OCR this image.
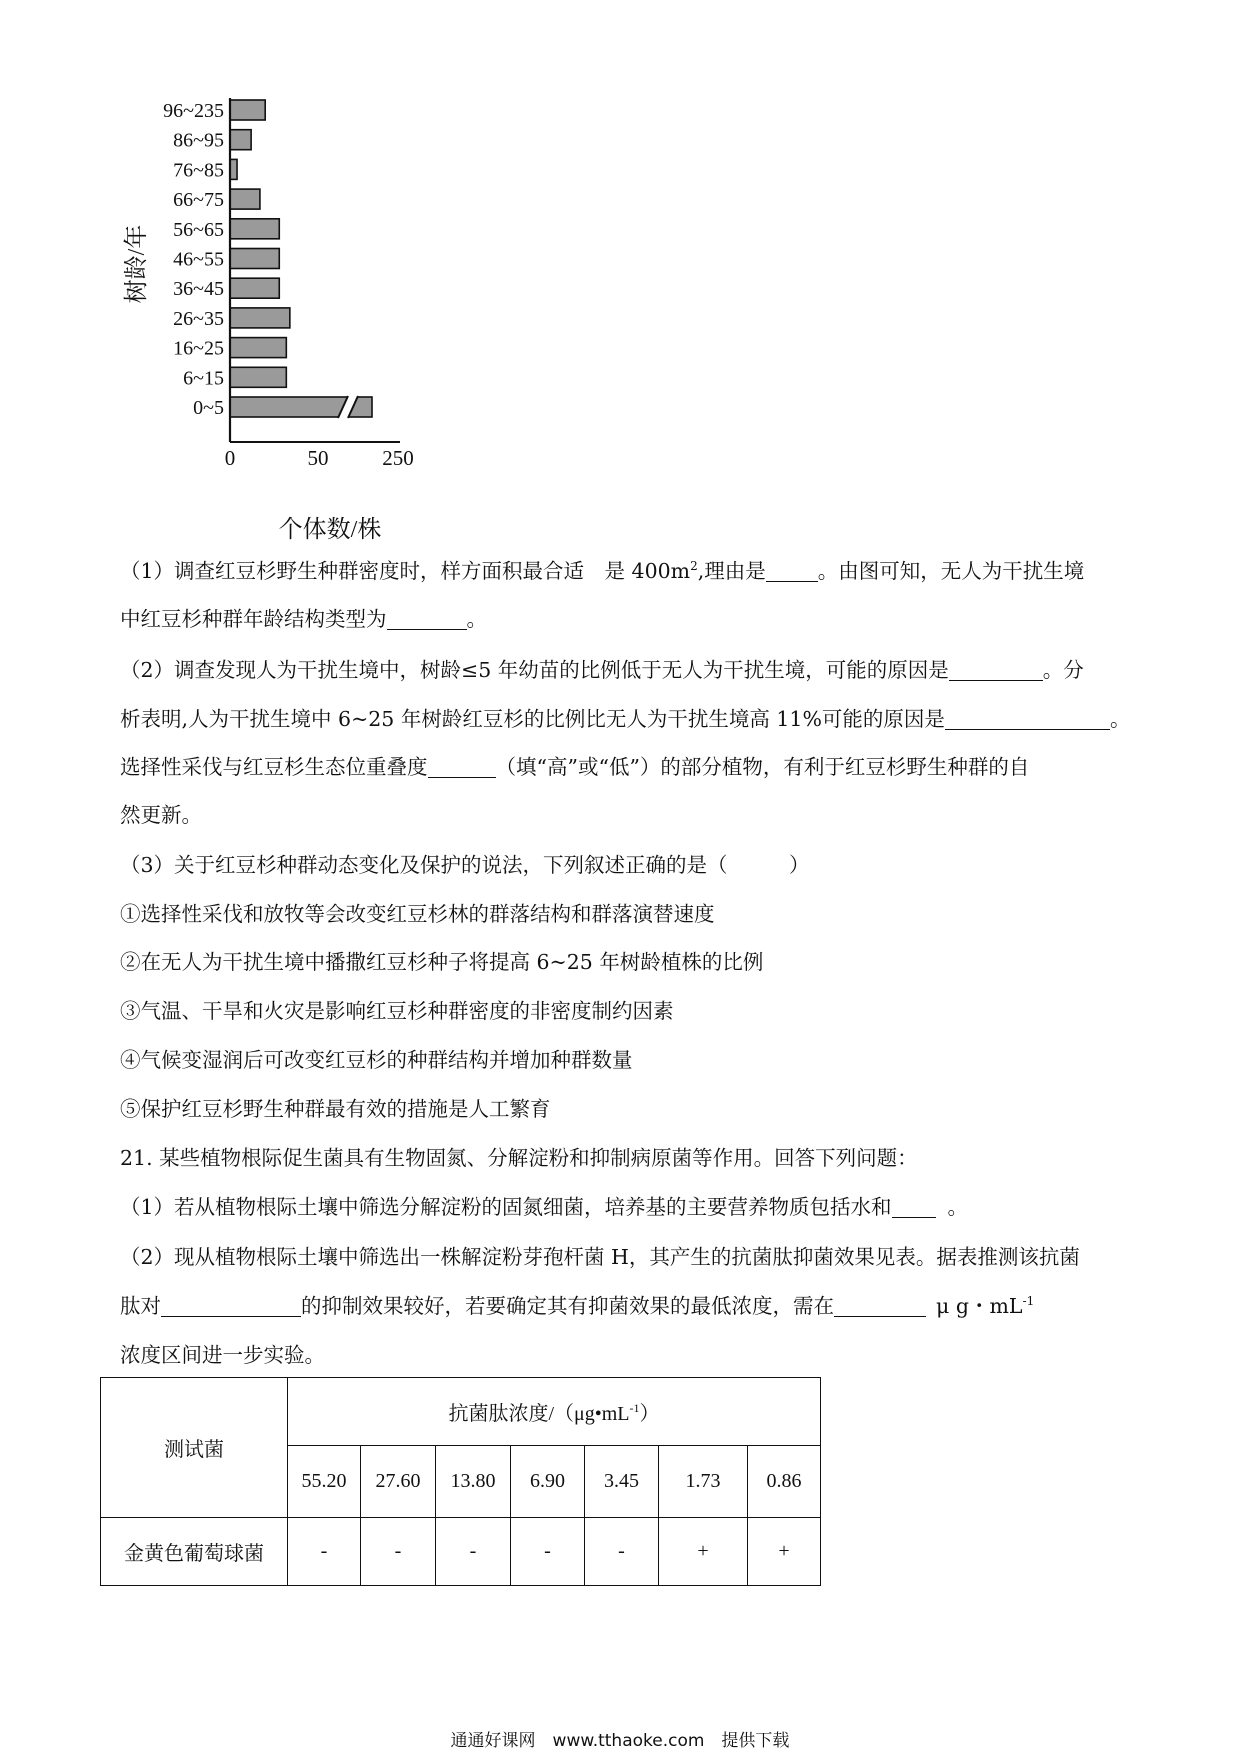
0~5
6~15
16~25
26~35
36~45
46~55
56~65
66~75
76~85
86~95
96~235
0	50	250
个体数/株
树龄/年
（1）调查红豆杉野生种群密度时，样方面积最合适　是 $400m^2$,理由是	。由图可知，无人为干扰生境
中红豆杉种群年龄结构类型为	。
（2）调查发现人为干扰生境中，树龄≤5 年幼苗的比例低于无人为干扰生境，可能的原因是	。分
析表明,人为干扰生境中 6~25 年树龄红豆杉的比例比无人为干扰生境高 11%可能的原因是	。
选择性采伐与红豆杉生态位重叠度	（填“高”或“低”）的部分植物，有利于红豆杉野生种群的自
然更新。
（3）关于红豆杉种群动态变化及保护的说法，下列叙述正确的是（　　　）
①选择性采伐和放牧等会改变红豆杉林的群落结构和群落演替速度
②在无人为干扰生境中播撒红豆杉种子将提高 6~25 年树龄植株的比例
③气温、干旱和火灾是影响红豆杉种群密度的非密度制约因素
④气候变湿润后可改变红豆杉的种群结构并增加种群数量
⑤保护红豆杉野生种群最有效的措施是人工繁育
21. 某些植物根际促生菌具有生物固氮、分解淀粉和抑制病原菌等作用。回答下列问题：
（1）若从植物根际土壤中筛选分解淀粉的固氮细菌，培养基的主要营养物质包括水和	。
（2）现从植物根际土壤中筛选出一株解淀粉芽孢杆菌 H，其产生的抗菌肽抑菌效果见表。据表推测该抗菌
肽对	的抑制效果较好，若要确定其有抑菌效果的最低浓度，需在	μ g・$mL^{-1}$
浓度区间进一步实验。
测试菌	抗菌肽浓度$/(\mu g•mL^{-1})$						
	55.20	27.60	13.80	6.90	3.45	1.73	0.86
金黄色葡萄球菌	-	-	-	-	-	+	+
通通好课网　www.tthaoke.com　提供下载
